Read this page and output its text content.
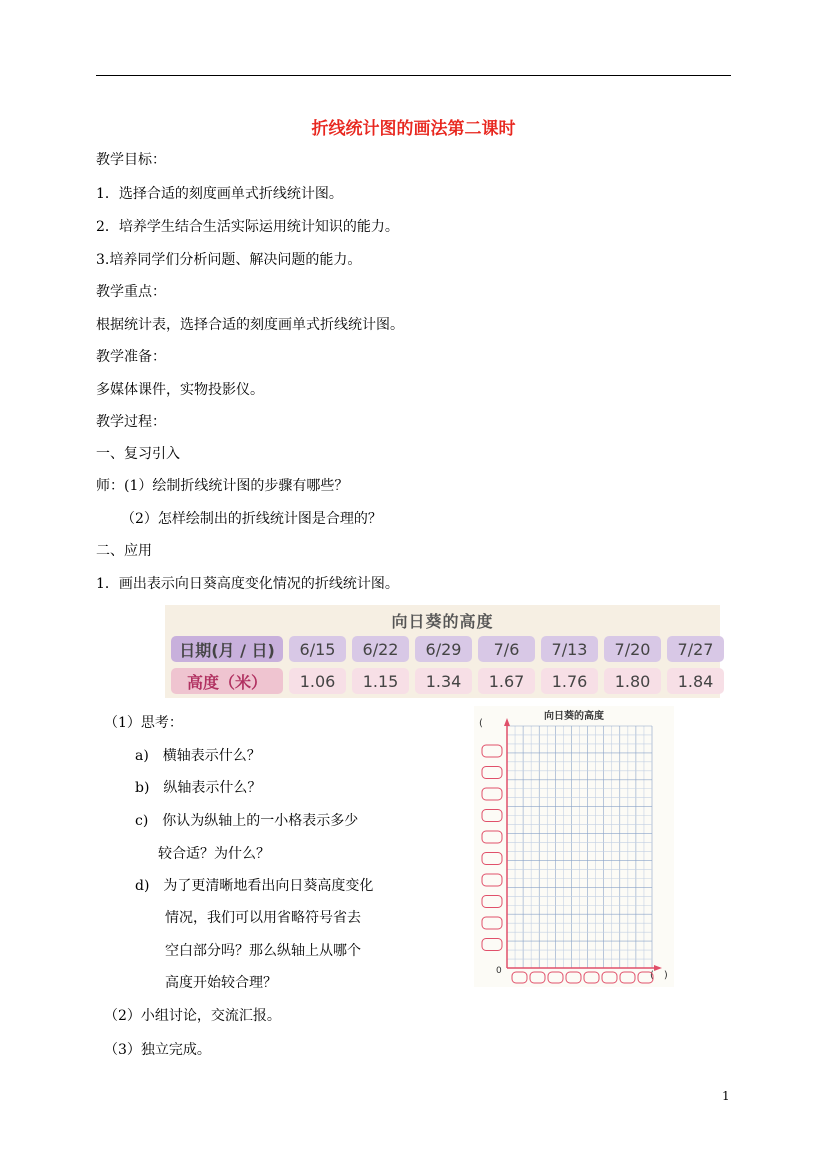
折线统计图的画法第二课时
教学目标：
1．选择合适的刻度画单式折线统计图。
2．培养学生结合生活实际运用统计知识的能力。
3.培养同学们分析问题、解决问题的能力。
教学重点：
根据统计表，选择合适的刻度画单式折线统计图。
教学准备：
多媒体课件，实物投影仪。
教学过程：
一、复习引入
师：(1）绘制折线统计图的步骤有哪些？
（2）怎样绘制出的折线统计图是合理的？
二、应用
1．画出表示向日葵高度变化情况的折线统计图。
向日葵的高度
日期(月 / 日)	6/15	6/22	6/29	7/6	7/13	7/20	7/27
高度（米）	1.06	1.15	1.34	1.67	1.76	1.80	1.84
（1）思考：
a)　横轴表示什么？
b)　纵轴表示什么？
c)　你认为纵轴上的一小格表示多少
较合适？为什么？
d)　为了更清晰地看出向日葵高度变化
情况，我们可以用省略符号省去
空白部分吗？那么纵轴上从哪个
高度开始较合理？
（2）小组讨论，交流汇报。
（3）独立完成。
向日葵的高度
(
(　)
0
1
